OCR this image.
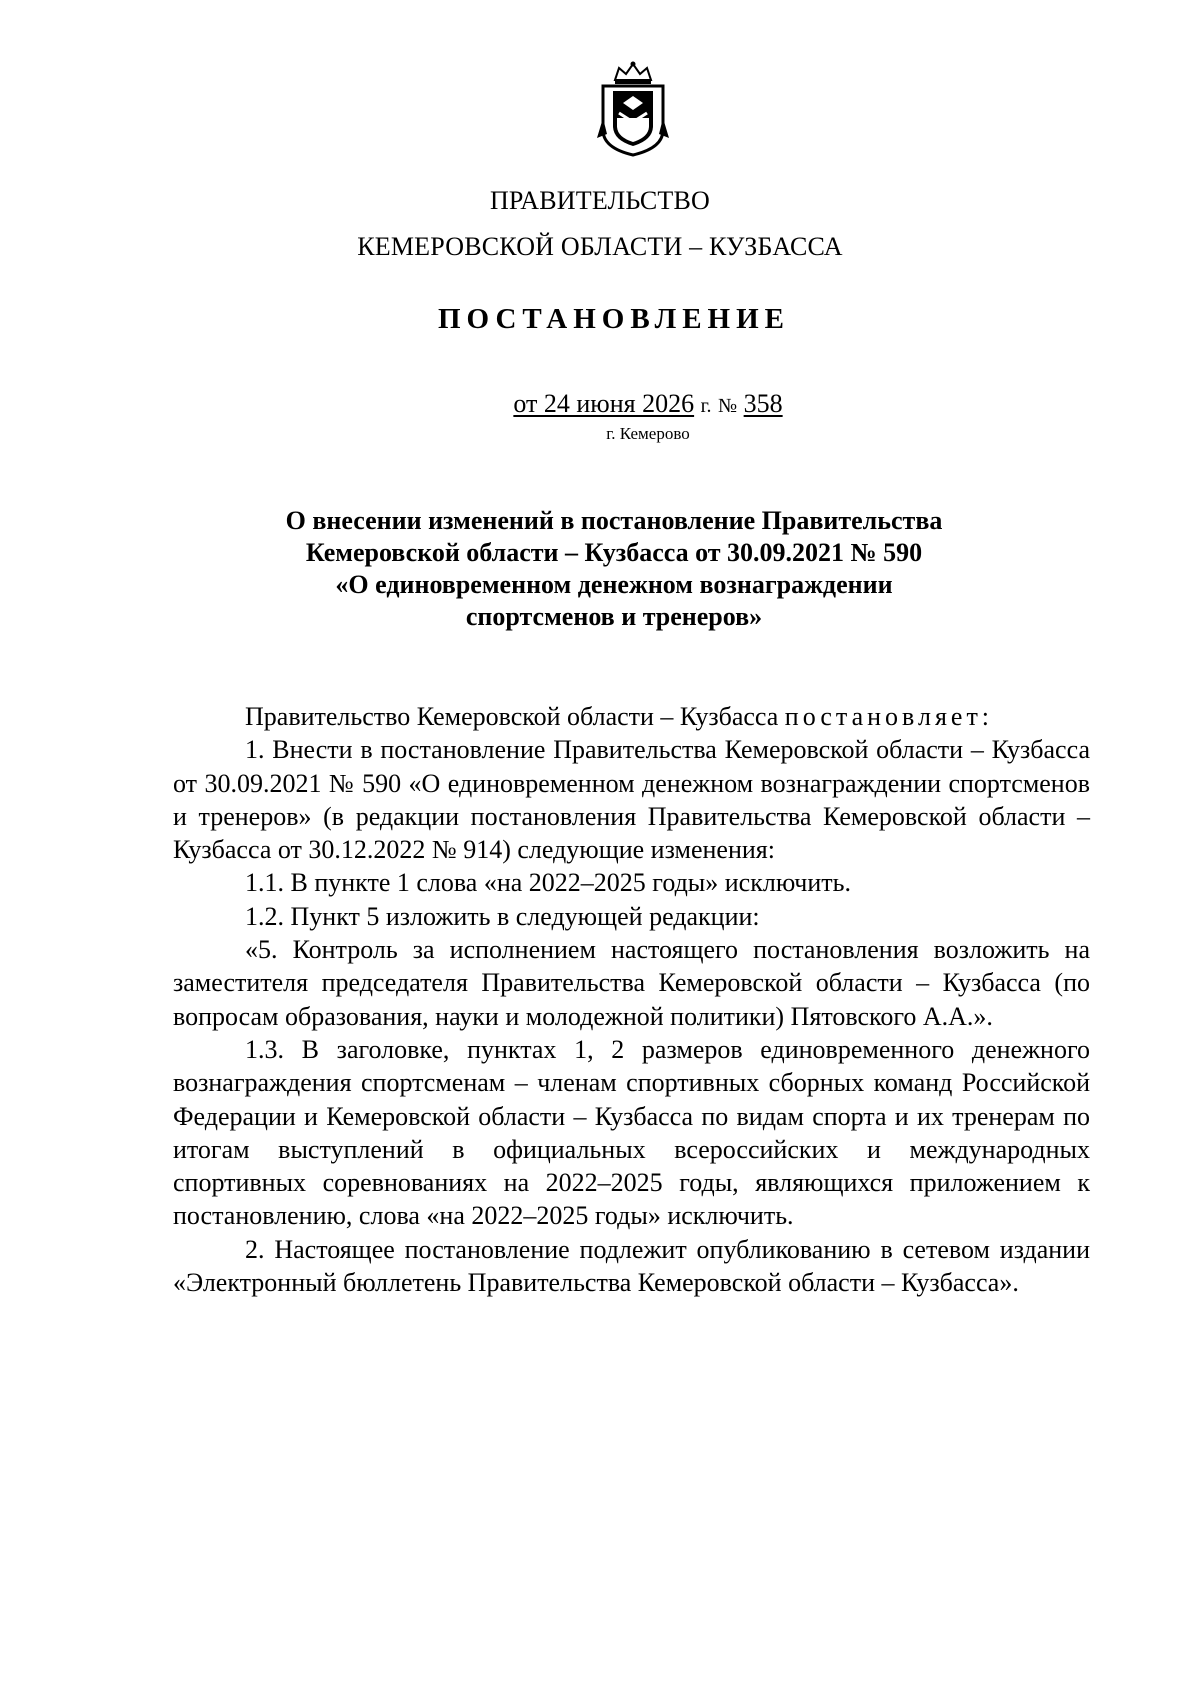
ПРАВИТЕЛЬСТВО
КЕМЕРОВСКОЙ ОБЛАСТИ – КУЗБАССА
ПОСТАНОВЛЕНИЕ
от 24 июня 2026 г. № 358
г. Кемерово
О внесении изменений в постановление Правительства
Кемеровской области – Кузбасса от 30.09.2021 № 590
«О единовременном денежном вознаграждении
спортсменов и тренеров»

Правительство Кемеровской области – Кузбасса постановляет:

1. Внести в постановление Правительства Кемеровской области – Кузбасса от 30.09.2021 № 590 «О единовременном денежном вознаграждении спортсменов и тренеров» (в редакции постановления Правительства Кемеровской области – Кузбасса от 30.12.2022 № 914) следующие изменения:

1.1. В пункте 1 слова «на 2022–2025 годы» исключить.

1.2. Пункт 5 изложить в следующей редакции:

«5. Контроль за исполнением настоящего постановления возложить на заместителя председателя Правительства Кемеровской области – Кузбасса (по вопросам образования, науки и молодежной политики) Пятовского А.А.».

1.3. В заголовке, пунктах 1, 2 размеров единовременного денежного вознаграждения спортсменам – членам спортивных сборных команд Российской Федерации и Кемеровской области – Кузбасса по видам спорта и их тренерам по итогам выступлений в официальных всероссийских и международных спортивных соревнованиях на 2022–2025 годы, являющихся приложением к постановлению, слова «на 2022–2025 годы» исключить.

2. Настоящее постановление подлежит опубликованию в сетевом издании «Электронный бюллетень Правительства Кемеровской области – Кузбасса».
